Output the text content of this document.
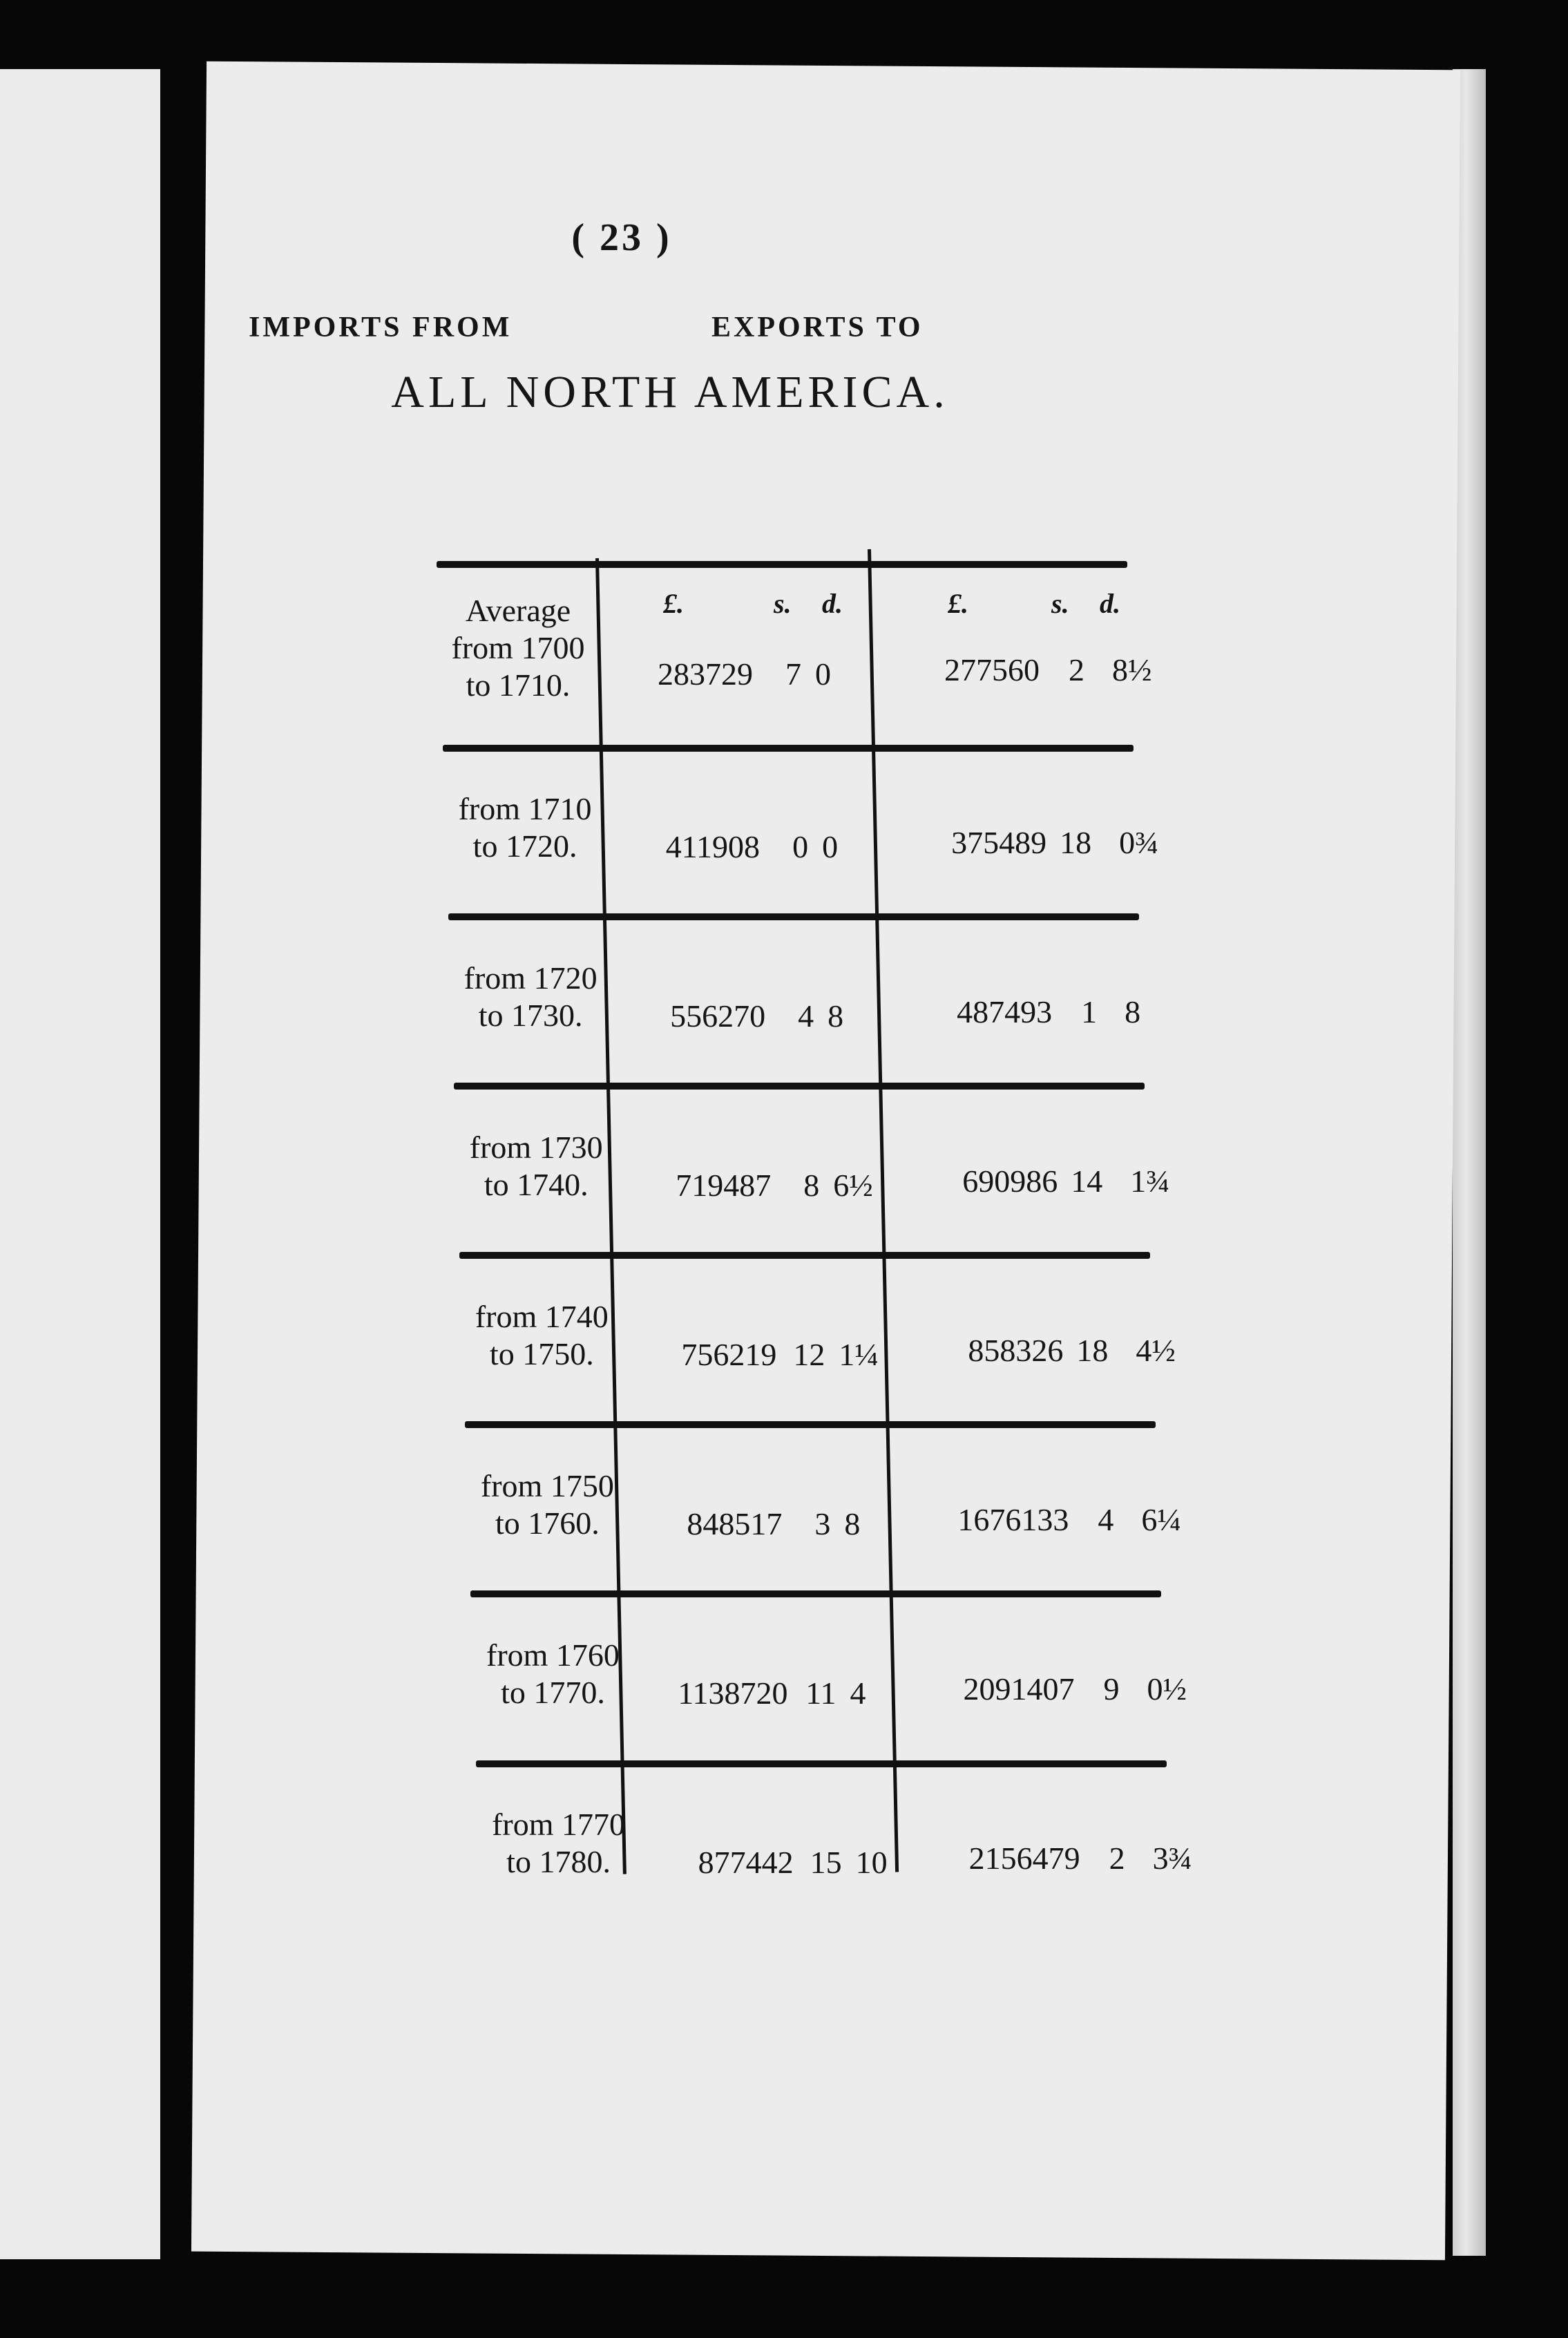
( 23 )

IMPORTS FROM	EXPORTS TO
ALL NORTH AMERICA.
£.	s. d.	£.	s. d.
Average
from 1700
to 1710.	283729	7 0	277560 2 8½
from 1710
to 1720.	411908	0 0	375489 18 0¾
from 1720
to 1730.	556270	4 8	487493 1 8
from 1730
to 1740.	719487	8 6½	690986 14 1¾
from 1740
to 1750.	756219 12 1¼	858326 18 4½
from 1750
to 1760.	848517	3 8	1676133 4 6¼
from 1760
to 1770.	1138720 11 4	2091407 9 0½
from 1770
to 1780.	877442 15 10	2156479 2 3¾
